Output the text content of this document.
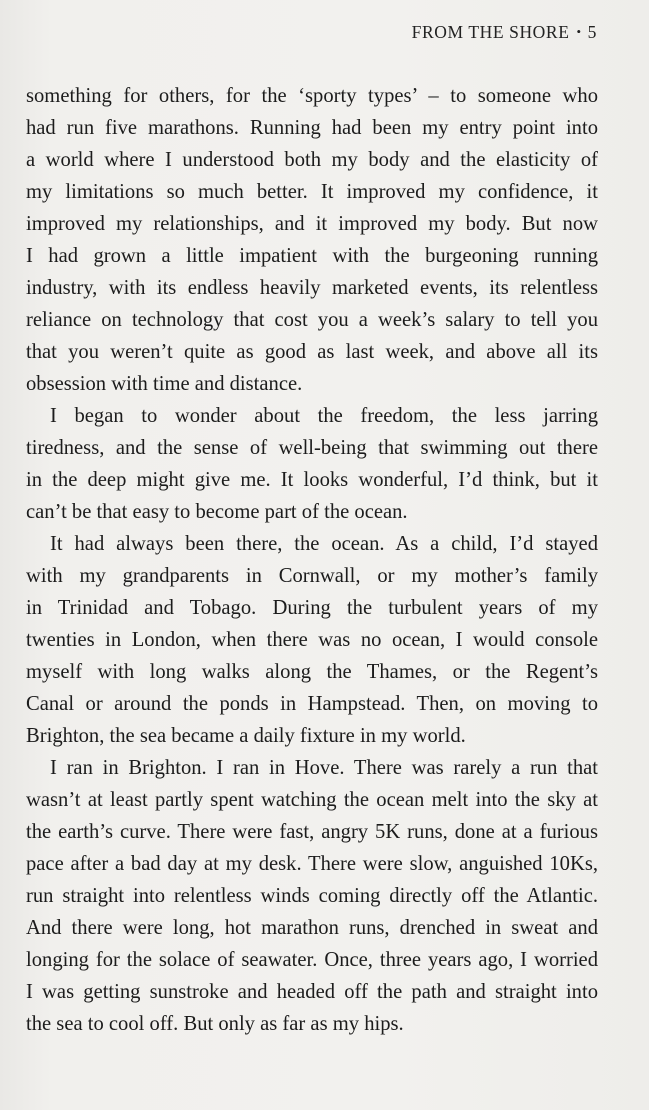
FROM THE SHORE • 5

something for others, for the ‘sporty types’ – to someone who
had run five marathons. Running had been my entry point into
a world where I understood both my body and the elasticity of
my limitations so much better. It improved my confidence, it
improved my relationships, and it improved my body. But now
I had grown a little impatient with the burgeoning running
industry, with its endless heavily marketed events, its relentless
reliance on technology that cost you a week’s salary to tell you
that you weren’t quite as good as last week, and above all its
obsession with time and distance.

I began to wonder about the freedom, the less jarring
tiredness, and the sense of well-being that swimming out there
in the deep might give me. It looks wonderful, I’d think, but it
can’t be that easy to become part of the ocean.

It had always been there, the ocean. As a child, I’d stayed
with my grandparents in Cornwall, or my mother’s family
in Trinidad and Tobago. During the turbulent years of my
twenties in London, when there was no ocean, I would console
myself with long walks along the Thames, or the Regent’s
Canal or around the ponds in Hampstead. Then, on moving to
Brighton, the sea became a daily fixture in my world.

I ran in Brighton. I ran in Hove. There was rarely a run that
wasn’t at least partly spent watching the ocean melt into the sky at
the earth’s curve. There were fast, angry 5K runs, done at a furious
pace after a bad day at my desk. There were slow, anguished 10Ks,
run straight into relentless winds coming directly off the Atlantic.
And there were long, hot marathon runs, drenched in sweat and
longing for the solace of seawater. Once, three years ago, I worried
I was getting sunstroke and headed off the path and straight into
the sea to cool off. But only as far as my hips.
